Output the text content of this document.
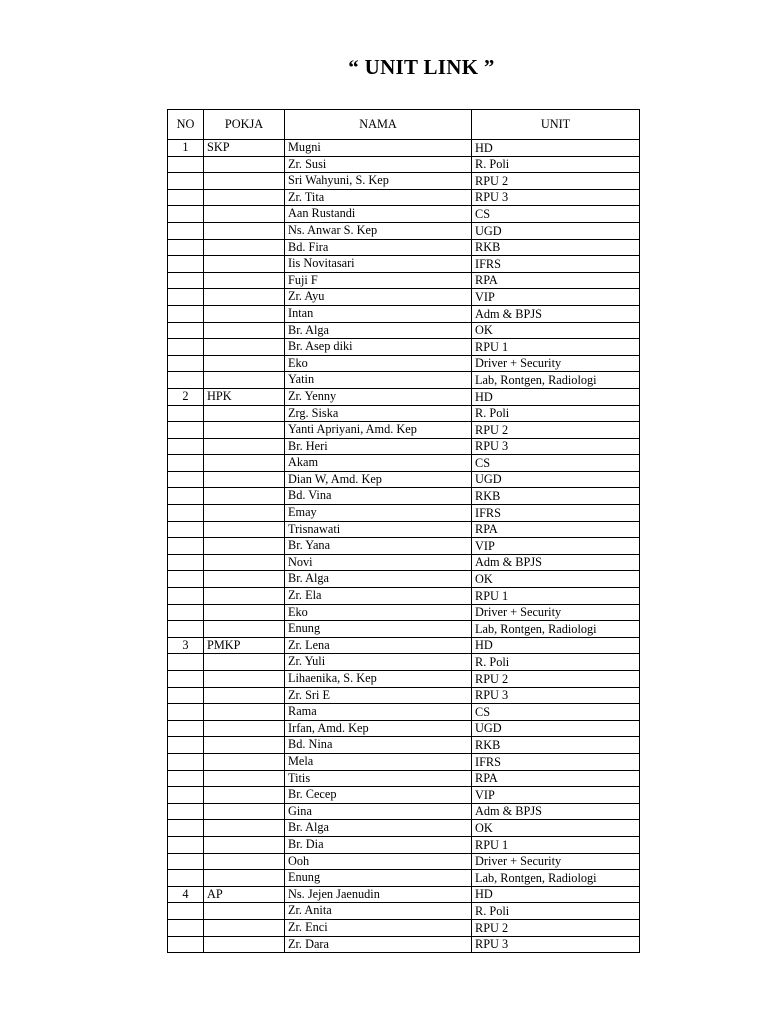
“ UNIT LINK ”
NO	POKJA	NAMA	UNIT
1	SKP	Mugni	HD
		Zr. Susi	R. Poli
		Sri Wahyuni, S. Kep	RPU 2
		Zr. Tita	RPU 3
		Aan Rustandi	CS
		Ns. Anwar S. Kep	UGD
		Bd. Fira	RKB
		Iis Novitasari	IFRS
		Fuji F	RPA
		Zr. Ayu	VIP
		Intan	Adm & BPJS
		Br. Alga	OK
		Br. Asep diki	RPU 1
		Eko	Driver + Security
		Yatin	Lab, Rontgen, Radiologi
2	HPK	Zr. Yenny	HD
		Zrg. Siska	R. Poli
		Yanti Apriyani, Amd. Kep	RPU 2
		Br. Heri	RPU 3
		Akam	CS
		Dian W, Amd. Kep	UGD
		Bd. Vina	RKB
		Emay	IFRS
		Trisnawati	RPA
		Br. Yana	VIP
		Novi	Adm & BPJS
		Br. Alga	OK
		Zr. Ela	RPU 1
		Eko	Driver + Security
		Enung	Lab, Rontgen, Radiologi
3	PMKP	Zr. Lena	HD
		Zr. Yuli	R. Poli
		Lihaenika, S. Kep	RPU 2
		Zr. Sri E	RPU 3
		Rama	CS
		Irfan, Amd. Kep	UGD
		Bd. Nina	RKB
		Mela	IFRS
		Titis	RPA
		Br. Cecep	VIP
		Gina	Adm & BPJS
		Br. Alga	OK
		Br. Dia	RPU 1
		Ooh	Driver + Security
		Enung	Lab, Rontgen, Radiologi
4	AP	Ns. Jejen Jaenudin	HD
		Zr. Anita	R. Poli
		Zr. Enci	RPU 2
		Zr. Dara	RPU 3
